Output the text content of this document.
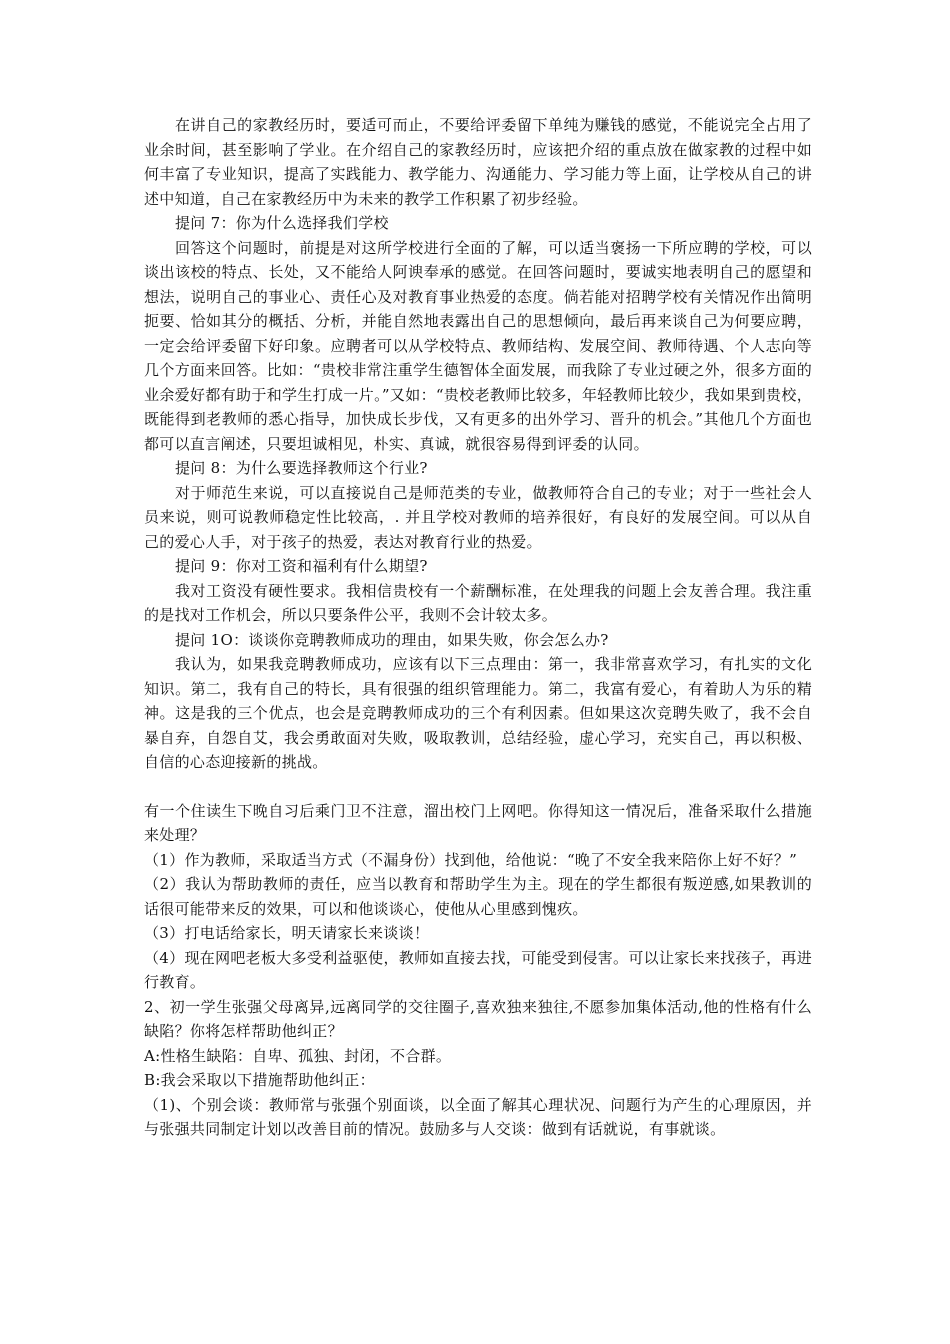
在讲自己的家教经历时，要适可而止，不要给评委留下单纯为赚钱的感觉，不能说完全占用了业余时间，甚至影响了学业。在介绍自己的家教经历时，应该把介绍的重点放在做家教的过程中如何丰富了专业知识，提高了实践能力、教学能力、沟通能力、学习能力等上面，让学校从自己的讲述中知道，自己在家教经历中为未来的教学工作积累了初步经验。

提问 7：你为什么选择我们学校

回答这个问题时，前提是对这所学校进行全面的了解，可以适当褒扬一下所应聘的学校，可以谈出该校的特点、长处，又不能给人阿谀奉承的感觉。在回答问题时，要诚实地表明自己的愿望和想法，说明自己的事业心、责任心及对教育事业热爱的态度。倘若能对招聘学校有关情况作出简明扼要、恰如其分的概括、分析，并能自然地表露出自己的思想倾向，最后再来谈自己为何要应聘，一定会给评委留下好印象。应聘者可以从学校特点、教师结构、发展空间、教师待遇、个人志向等几个方面来回答。比如：“贵校非常注重学生德智体全面发展，而我除了专业过硬之外，很多方面的业余爱好都有助于和学生打成一片。”又如：“贵校老教师比较多，年轻教师比较少，我如果到贵校，既能得到老教师的悉心指导，加快成长步伐，又有更多的出外学习、晋升的机会。”其他几个方面也都可以直言阐述，只要坦诚相见，朴实、真诚，就很容易得到评委的认同。

提问 8：为什么要选择教师这个行业?

对于师范生来说，可以直接说自己是师范类的专业，做教师符合自己的专业；对于一些社会人员来说，则可说教师稳定性比较高，. 并且学校对教师的培养很好，有良好的发展空间。可以从自己的爱心人手，对于孩子的热爱，表达对教育行业的热爱。

提问 9：你对工资和福利有什么期望?

我对工资没有硬性要求。我相信贵校有一个薪酬标准，在处理我的问题上会友善合理。我注重的是找对工作机会，所以只要条件公平，我则不会计较太多。

提问 1O：谈谈你竞聘教师成功的理由，如果失败，你会怎么办?

我认为，如果我竞聘教师成功，应该有以下三点理由：第一，我非常喜欢学习，有扎实的文化知识。第二，我有自己的特长，具有很强的组织管理能力。第二，我富有爱心，有着助人为乐的精神。这是我的三个优点，也会是竞聘教师成功的三个有利因素。但如果这次竞聘失败了，我不会自暴自弃，自怨自艾，我会勇敢面对失败，吸取教训，总结经验，虚心学习，充实自己，再以积极、自信的心态迎接新的挑战。

有一个住读生下晚自习后乘门卫不注意，溜出校门上网吧。你得知这一情况后，准备采取什么措施来处理？

（1）作为教师，采取适当方式（不漏身份）找到他，给他说：“晚了不安全我来陪你上好不好？”

（2）我认为帮助教师的责任，应当以教育和帮助学生为主。现在的学生都很有叛逆感,如果教训的话很可能带来反的效果，可以和他谈谈心，使他从心里感到愧疚。

（3）打电话给家长，明天请家长来谈谈！

（4）现在网吧老板大多受利益驱使，教师如直接去找，可能受到侵害。可以让家长来找孩子，再进行教育。

2、初一学生张强父母离异,远离同学的交往圈子,喜欢独来独往,不愿参加集体活动,他的性格有什么缺陷？你将怎样帮助他纠正？

A:性格生缺陷：自卑、孤独、封闭，不合群。

B:我会采取以下措施帮助他纠正：

（1)、个别会谈：教师常与张强个别面谈，以全面了解其心理状况、问题行为产生的心理原因，并与张强共同制定计划以改善目前的情况。鼓励多与人交谈：做到有话就说，有事就谈。
